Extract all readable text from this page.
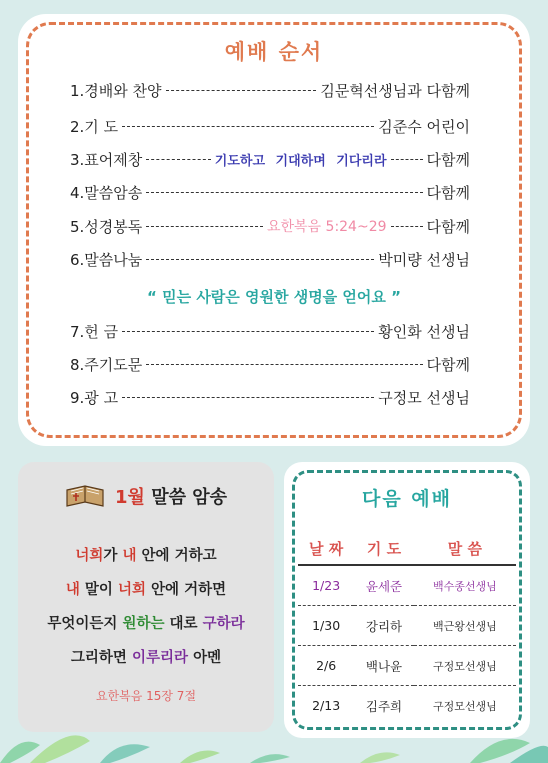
예배 순서
1.경배와 찬양	김문혁선생님과 다함께
2.기 도	김준수 어린이
3.표어제창	기도하고 기대하며 기다리라	다함께
4.말씀암송	다함께
5.성경봉독	요한복음 5:24~29	다함께
6.말씀나눔	박미량 선생님
7.헌 금	황인화 선생님
8.주기도문	다함께
9.광 고	구정모 선생님
“ 믿는 사람은 영원한 생명을 얻어요 ”
1월 말씀 암송
너희가 내 안에 거하고
내 말이 너희 안에 거하면
무엇이든지 원하는 대로 구하라
그리하면 이루리라 아멘
요한복음 15장 7절
다음 예배
날 짜	기 도	말 씀
1/23	윤세준	백수종선생님
1/30	강리하	백근왕선생님
2/6	백나윤	구정모선생님
2/13	김주희	구정모선생님
